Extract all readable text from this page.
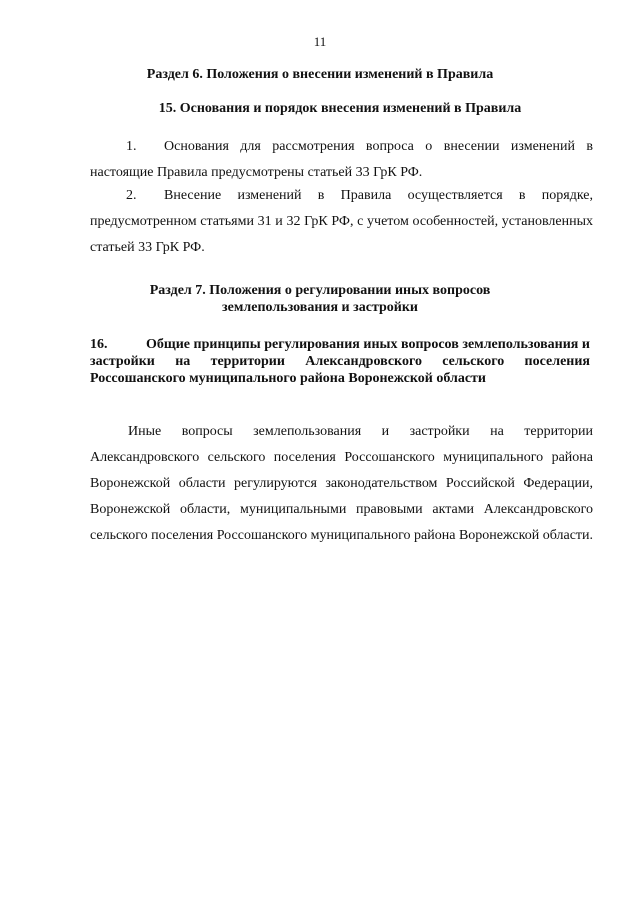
11
Раздел 6. Положения о внесении изменений в Правила
15. Основания и порядок внесения изменений в Правила

1. Основания для рассмотрения вопроса о внесении изменений в настоящие Правила предусмотрены статьей 33 ГрК РФ.

2. Внесение изменений в Правила осуществляется в порядке, предусмотренном статьями 31 и 32 ГрК РФ, с учетом особенностей, установленных статьей 33 ГрК РФ.

Раздел 7. Положения о регулировании иных вопросов
землепользования и застройки
16.	Общие принципы регулирования иных вопросов землепользования и застройки на территории Александровского сельского поселения Россошанского муниципального района Воронежской области

Иные вопросы землепользования и застройки на территории Александровского сельского поселения Россошанского муниципального района Воронежской области регулируются законодательством Российской Федерации, Воронежской области, муниципальными правовыми актами Александровского сельского поселения Россошанского муниципального района Воронежской области.
